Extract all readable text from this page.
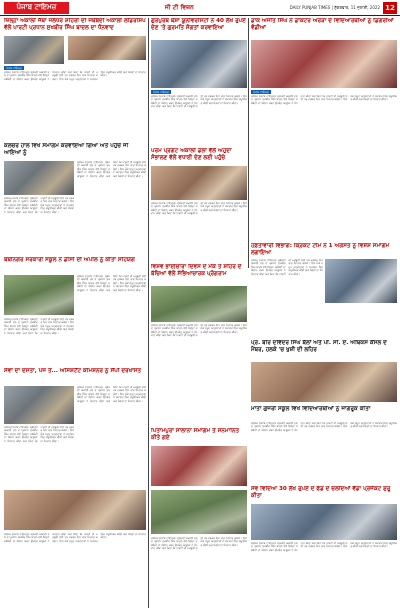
ਪੰਜਾਬ ਟਾਇਮਜ਼	ਜੀ ਟੀ ਵਿਜ਼ਨ	DAILY PUNJAB TIMES | ਸ਼ੁੱਕਰਵਾਰ, 11 ਜੁਲਾਈ, 2022 12
ਜ਼ਿਲ੍ਹਾ ਅਕਾਲੀ ਜੱਥਾ ਜਲੰਧਰ ਸ਼ਹਿਰੀ ਦੀ ਜਥੇਬੰਦੀ ਅਕਾਲੀ ਲੀਡਰਸ਼ਿਪ ਵੱਲੋਂ ਪਾਰਟੀ ਪ੍ਰਧਾਨ ਸੁਖਬੀਰ ਸਿੰਘ ਬਾਦਲ ਦਾ ਧੰਨਵਾਦ
ਪੰਜਾਬ ਟਾਇਮਜ਼
ਜਲੰਧਰ (ਪੰਜਾਬ ਟਾਇਮਜ਼): ਸ਼੍ਰੋਮਣੀ ਅਕਾਲੀ ਦਲ ਦੇ ਪ੍ਰਧਾਨ ਸੁਖਬੀਰ ਸਿੰਘ ਬਾਦਲ ਵੱਲੋਂ ਜ਼ਿਲ੍ਹਾ ਜਥੇਬੰਦੀ ਦਾ ਐਲਾਨ ਕਰਨ ਉਪਰੰਤ ਆਗੂਆਂ ਨੇ ਧੰਨਵਾਦ ਕੀਤਾ ਅਤੇ ਕਿਹਾ ਕਿ ਪਾਰਟੀ ਦੀ ਮਜ਼ਬੂਤੀ ਲਈ ਹਰ ਵਰਕਰ ਦਿਨ ਰਾਤ ਮਿਹਨਤ ਕਰੇਗਾ। ਇਸ ਮੌਕੇ ਸਮੂਹ ਅਹੁਦੇਦਾਰਾਂ ਨੇ ਸਮਾਗਮ ਵਿੱਚ ਸ਼ਮੂਲੀਅਤ ਕੀਤੀ ਅਤੇ ਸੰਗਤਾਂ ਦਾ ਧੰਨਵਾਦ ਕੀਤਾ।
ਗੁਰਪੁਰਬ ਬੇਸ਼ਾ ਯੂਨੀਵਰਸਿਟੀ ਨੇ 40 ਲੱਖ ਰੁਪਏ ਦੇਣ 'ਤੇ ਗੁਰਮਤਿ ਸੰਗਤਾਂ ਕਰਵਾਇਆ
ਪੰਜਾਬ ਟਾਇਮਜ਼
ਜਲੰਧਰ (ਪੰਜਾਬ ਟਾਇਮਜ਼): ਸ਼੍ਰੋਮਣੀ ਅਕਾਲੀ ਦਲ ਦੇ ਪ੍ਰਧਾਨ ਸੁਖਬੀਰ ਸਿੰਘ ਬਾਦਲ ਵੱਲੋਂ ਜ਼ਿਲ੍ਹਾ ਜਥੇਬੰਦੀ ਦਾ ਐਲਾਨ ਕਰਨ ਉਪਰੰਤ ਆਗੂਆਂ ਨੇ ਧੰਨਵਾਦ ਕੀਤਾ ਅਤੇ ਕਿਹਾ ਕਿ ਪਾਰਟੀ ਦੀ ਮਜ਼ਬੂਤੀ ਲਈ ਹਰ ਵਰਕਰ ਦਿਨ ਰਾਤ ਮਿਹਨਤ ਕਰੇਗਾ। ਇਸ ਮੌਕੇ ਸਮੂਹ ਅਹੁਦੇਦਾਰਾਂ ਨੇ ਸਮਾਗਮ ਵਿੱਚ ਸ਼ਮੂਲੀਅਤ ਕੀਤੀ ਅਤੇ ਸੰਗਤਾਂ ਦਾ ਧੰਨਵਾਦ ਕੀਤਾ।
ਡਾਕ ਅਜੀਤ ਸਿੰਘ ਨੇ ਡਾਕਟਰ ਅਰੋੜਾ ਦੇ ਵਿਦਿਆਰਥੀਆਂ ਨੂੰ ਡਿਗਰੀਆਂ ਵੰਡੀਆਂ
ਪੰਜਾਬ ਟਾਇਮਜ਼
ਜਲੰਧਰ (ਪੰਜਾਬ ਟਾਇਮਜ਼): ਸ਼੍ਰੋਮਣੀ ਅਕਾਲੀ ਦਲ ਦੇ ਪ੍ਰਧਾਨ ਸੁਖਬੀਰ ਸਿੰਘ ਬਾਦਲ ਵੱਲੋਂ ਜ਼ਿਲ੍ਹਾ ਜਥੇਬੰਦੀ ਦਾ ਐਲਾਨ ਕਰਨ ਉਪਰੰਤ ਆਗੂਆਂ ਨੇ ਧੰਨਵਾਦ ਕੀਤਾ ਅਤੇ ਕਿਹਾ ਕਿ ਪਾਰਟੀ ਦੀ ਮਜ਼ਬੂਤੀ ਲਈ ਹਰ ਵਰਕਰ ਦਿਨ ਰਾਤ ਮਿਹਨਤ ਕਰੇਗਾ। ਇਸ ਮੌਕੇ ਸਮੂਹ ਅਹੁਦੇਦਾਰਾਂ ਨੇ ਸਮਾਗਮ ਵਿੱਚ ਸ਼ਮੂਲੀਅਤ ਕੀਤੀ ਅਤੇ ਸੰਗਤਾਂ ਦਾ ਧੰਨਵਾਦ ਕੀਤਾ।
ਪਰਮ ਪ੍ਰਗਟ ਅਕਾਲੀ ਡਲਾ ਵੱਲੋਂ ਅਹੁਦਾ ਸੰਭਾਲਣ ਵੱਲੋਂ ਵਧਾਈ ਦੇਣ ਲਈ ਪਹੁੰਚੇ
ਜਲੰਧਰ (ਪੰਜਾਬ ਟਾਇਮਜ਼): ਸ਼੍ਰੋਮਣੀ ਅਕਾਲੀ ਦਲ ਦੇ ਪ੍ਰਧਾਨ ਸੁਖਬੀਰ ਸਿੰਘ ਬਾਦਲ ਵੱਲੋਂ ਜ਼ਿਲ੍ਹਾ ਜਥੇਬੰਦੀ ਦਾ ਐਲਾਨ ਕਰਨ ਉਪਰੰਤ ਆਗੂਆਂ ਨੇ ਧੰਨਵਾਦ ਕੀਤਾ ਅਤੇ ਕਿਹਾ ਕਿ ਪਾਰਟੀ ਦੀ ਮਜ਼ਬੂਤੀ ਲਈ ਹਰ ਵਰਕਰ ਦਿਨ ਰਾਤ ਮਿਹਨਤ ਕਰੇਗਾ। ਇਸ ਮੌਕੇ ਸਮੂਹ ਅਹੁਦੇਦਾਰਾਂ ਨੇ ਸਮਾਗਮ ਵਿੱਚ ਸ਼ਮੂਲੀਅਤ ਕੀਤੀ ਅਤੇ ਸੰਗਤਾਂ ਦਾ ਧੰਨਵਾਦ ਕੀਤਾ।
ਕਲਚਰ ਹਾਲ ਵਿਖੇ ਸਮਾਗਮ ਕਰਵਾਇਆ ਗਿਆ ਅਤੇ ਪਹੁੰਚੇ ਜੀ ਆਇਆਂ ਨੂੰ
ਜਲੰਧਰ (ਪੰਜਾਬ ਟਾਇਮਜ਼): ਸ਼੍ਰੋਮਣੀ ਅਕਾਲੀ ਦਲ ਦੇ ਪ੍ਰਧਾਨ ਸੁਖਬੀਰ ਸਿੰਘ ਬਾਦਲ ਵੱਲੋਂ ਜ਼ਿਲ੍ਹਾ ਜਥੇਬੰਦੀ ਦਾ ਐਲਾਨ ਕਰਨ ਉਪਰੰਤ ਆਗੂਆਂ ਨੇ ਧੰਨਵਾਦ ਕੀਤਾ ਅਤੇ ਕਿਹਾ ਕਿ ਪਾਰਟੀ ਦੀ ਮਜ਼ਬੂਤੀ ਲਈ ਹਰ ਵਰਕਰ ਦਿਨ ਰਾਤ ਮਿਹਨਤ ਕਰੇਗਾ। ਇਸ ਮੌਕੇ ਸਮੂਹ ਅਹੁਦੇਦਾਰਾਂ ਨੇ ਸਮਾਗਮ ਵਿੱਚ ਸ਼ਮੂਲੀਅਤ ਕੀਤੀ ਅਤੇ ਸੰਗਤਾਂ ਦਾ ਧੰਨਵਾਦ ਕੀਤਾ।
ਜਲੰਧਰ (ਪੰਜਾਬ ਟਾਇਮਜ਼): ਸ਼੍ਰੋਮਣੀ ਅਕਾਲੀ ਦਲ ਦੇ ਪ੍ਰਧਾਨ ਸੁਖਬੀਰ ਸਿੰਘ ਬਾਦਲ ਵੱਲੋਂ ਜ਼ਿਲ੍ਹਾ ਜਥੇਬੰਦੀ ਦਾ ਐਲਾਨ ਕਰਨ ਉਪਰੰਤ ਆਗੂਆਂ ਨੇ ਧੰਨਵਾਦ ਕੀਤਾ ਅਤੇ ਕਿਹਾ ਕਿ ਪਾਰਟੀ ਦੀ ਮਜ਼ਬੂਤੀ ਲਈ ਹਰ ਵਰਕਰ ਦਿਨ ਰਾਤ ਮਿਹਨਤ ਕਰੇਗਾ। ਇਸ ਮੌਕੇ ਸਮੂਹ ਅਹੁਦੇਦਾਰਾਂ ਨੇ ਸਮਾਗਮ ਵਿੱਚ ਸ਼ਮੂਲੀਅਤ ਕੀਤੀ ਅਤੇ ਸੰਗਤਾਂ ਦਾ ਧੰਨਵਾਦ ਕੀਤਾ।
ਬੇਬੀਨਗਰ ਸਰਕਾਰੀ ਸਕੂਲ ਨੇ ਡੀਸੀ ਦੀ ਅਪੀਲ ਨੂੰ ਕੀਤਾ ਸਹਿਯੋਗ
ਜਲੰਧਰ (ਪੰਜਾਬ ਟਾਇਮਜ਼): ਸ਼੍ਰੋਮਣੀ ਅਕਾਲੀ ਦਲ ਦੇ ਪ੍ਰਧਾਨ ਸੁਖਬੀਰ ਸਿੰਘ ਬਾਦਲ ਵੱਲੋਂ ਜ਼ਿਲ੍ਹਾ ਜਥੇਬੰਦੀ ਦਾ ਐਲਾਨ ਕਰਨ ਉਪਰੰਤ ਆਗੂਆਂ ਨੇ ਧੰਨਵਾਦ ਕੀਤਾ ਅਤੇ ਕਿਹਾ ਕਿ ਪਾਰਟੀ ਦੀ ਮਜ਼ਬੂਤੀ ਲਈ ਹਰ ਵਰਕਰ ਦਿਨ ਰਾਤ ਮਿਹਨਤ ਕਰੇਗਾ। ਇਸ ਮੌਕੇ ਸਮੂਹ ਅਹੁਦੇਦਾਰਾਂ ਨੇ ਸਮਾਗਮ ਵਿੱਚ ਸ਼ਮੂਲੀਅਤ ਕੀਤੀ ਅਤੇ ਸੰਗਤਾਂ ਦਾ ਧੰਨਵਾਦ ਕੀਤਾ।
ਜਲੰਧਰ (ਪੰਜਾਬ ਟਾਇਮਜ਼): ਸ਼੍ਰੋਮਣੀ ਅਕਾਲੀ ਦਲ ਦੇ ਪ੍ਰਧਾਨ ਸੁਖਬੀਰ ਸਿੰਘ ਬਾਦਲ ਵੱਲੋਂ ਜ਼ਿਲ੍ਹਾ ਜਥੇਬੰਦੀ ਦਾ ਐਲਾਨ ਕਰਨ ਉਪਰੰਤ ਆਗੂਆਂ ਨੇ ਧੰਨਵਾਦ ਕੀਤਾ ਅਤੇ ਕਿਹਾ ਕਿ ਪਾਰਟੀ ਦੀ ਮਜ਼ਬੂਤੀ ਲਈ ਹਰ ਵਰਕਰ ਦਿਨ ਰਾਤ ਮਿਹਨਤ ਕਰੇਗਾ। ਇਸ ਮੌਕੇ ਸਮੂਹ ਅਹੁਦੇਦਾਰਾਂ ਨੇ ਸਮਾਗਮ ਵਿੱਚ ਸ਼ਮੂਲੀਅਤ ਕੀਤੀ ਅਤੇ ਸੰਗਤਾਂ ਦਾ ਧੰਨਵਾਦ ਕੀਤਾ।
ਹਫ਼ਤਾਵਾਰੀ ਵਿਭਾਗ: ਕ੍ਰਿਕਟ ਟੀਮ ਨੇ 1 ਅਗਸਤ ਨੂੰ ਵਿਸ਼ੇਸ਼ ਸਮਾਗਮ ਲਗਾਇਆ
ਜਲੰਧਰ (ਪੰਜਾਬ ਟਾਇਮਜ਼): ਸ਼੍ਰੋਮਣੀ ਅਕਾਲੀ ਦਲ ਦੇ ਪ੍ਰਧਾਨ ਸੁਖਬੀਰ ਸਿੰਘ ਬਾਦਲ ਵੱਲੋਂ ਜ਼ਿਲ੍ਹਾ ਜਥੇਬੰਦੀ ਦਾ ਐਲਾਨ ਕਰਨ ਉਪਰੰਤ ਆਗੂਆਂ ਨੇ ਧੰਨਵਾਦ ਕੀਤਾ ਅਤੇ ਕਿਹਾ ਕਿ ਪਾਰਟੀ ਦੀ ਮਜ਼ਬੂਤੀ ਲਈ ਹਰ ਵਰਕਰ ਦਿਨ ਰਾਤ ਮਿਹਨਤ ਕਰੇਗਾ। ਇਸ ਮੌਕੇ ਸਮੂਹ ਅਹੁਦੇਦਾਰਾਂ ਨੇ ਸਮਾਗਮ ਵਿੱਚ ਸ਼ਮੂਲੀਅਤ ਕੀਤੀ ਅਤੇ ਸੰਗਤਾਂ ਦਾ ਧੰਨਵਾਦ ਕੀਤਾ।
ਪ੍ਰੋ. ਬੀਰ ਦਵਿੰਦਰ ਸਿੰਘ ਬੱਲਾਂ ਅਤੇ ਪੀ. ਸੀ. ਏ. ਐਥਿਕਸ ਕੌਂਸਲ ਦੇ ਮੈਂਬਰ, ਹਲਕੇ 'ਚ ਖੁਸ਼ੀ ਦੀ ਲਹਿਰ
ਵਿਸ਼ਵ ਭਾਈਚਾਰਾ ਦਿਵਸ ਦੇ ਮੌਕੇ ਤੇ ਸ਼ਹਿਰ ਦੇ ਬੱਚਿਆਂ ਵੱਲੋਂ ਸੱਭਿਆਚਾਰਕ ਪ੍ਰੋਗਰਾਮ
ਜਲੰਧਰ (ਪੰਜਾਬ ਟਾਇਮਜ਼): ਸ਼੍ਰੋਮਣੀ ਅਕਾਲੀ ਦਲ ਦੇ ਪ੍ਰਧਾਨ ਸੁਖਬੀਰ ਸਿੰਘ ਬਾਦਲ ਵੱਲੋਂ ਜ਼ਿਲ੍ਹਾ ਜਥੇਬੰਦੀ ਦਾ ਐਲਾਨ ਕਰਨ ਉਪਰੰਤ ਆਗੂਆਂ ਨੇ ਧੰਨਵਾਦ ਕੀਤਾ ਅਤੇ ਕਿਹਾ ਕਿ ਪਾਰਟੀ ਦੀ ਮਜ਼ਬੂਤੀ ਲਈ ਹਰ ਵਰਕਰ ਦਿਨ ਰਾਤ ਮਿਹਨਤ ਕਰੇਗਾ। ਇਸ ਮੌਕੇ ਸਮੂਹ ਅਹੁਦੇਦਾਰਾਂ ਨੇ ਸਮਾਗਮ ਵਿੱਚ ਸ਼ਮੂਲੀਅਤ ਕੀਤੀ ਅਤੇ ਸੰਗਤਾਂ ਦਾ ਧੰਨਵਾਦ ਕੀਤਾ।
ਸੇਵਾ ਦਾ ਦਸਤਾ, ਪੰਜ ਤੋਂ... ਅਸਿਸ਼ਟੈਂਟ ਕਮਿਸ਼ਨਰ ਨੂੰ ਸੌਂਪੀ ਦਰਖਾਸਤ
ਜਲੰਧਰ (ਪੰਜਾਬ ਟਾਇਮਜ਼): ਸ਼੍ਰੋਮਣੀ ਅਕਾਲੀ ਦਲ ਦੇ ਪ੍ਰਧਾਨ ਸੁਖਬੀਰ ਸਿੰਘ ਬਾਦਲ ਵੱਲੋਂ ਜ਼ਿਲ੍ਹਾ ਜਥੇਬੰਦੀ ਦਾ ਐਲਾਨ ਕਰਨ ਉਪਰੰਤ ਆਗੂਆਂ ਨੇ ਧੰਨਵਾਦ ਕੀਤਾ ਅਤੇ ਕਿਹਾ ਕਿ ਪਾਰਟੀ ਦੀ ਮਜ਼ਬੂਤੀ ਲਈ ਹਰ ਵਰਕਰ ਦਿਨ ਰਾਤ ਮਿਹਨਤ ਕਰੇਗਾ। ਇਸ ਮੌਕੇ ਸਮੂਹ ਅਹੁਦੇਦਾਰਾਂ ਨੇ ਸਮਾਗਮ ਵਿੱਚ ਸ਼ਮੂਲੀਅਤ ਕੀਤੀ ਅਤੇ ਸੰਗਤਾਂ ਦਾ ਧੰਨਵਾਦ ਕੀਤਾ।
ਜਲੰਧਰ (ਪੰਜਾਬ ਟਾਇਮਜ਼): ਸ਼੍ਰੋਮਣੀ ਅਕਾਲੀ ਦਲ ਦੇ ਪ੍ਰਧਾਨ ਸੁਖਬੀਰ ਸਿੰਘ ਬਾਦਲ ਵੱਲੋਂ ਜ਼ਿਲ੍ਹਾ ਜਥੇਬੰਦੀ ਦਾ ਐਲਾਨ ਕਰਨ ਉਪਰੰਤ ਆਗੂਆਂ ਨੇ ਧੰਨਵਾਦ ਕੀਤਾ ਅਤੇ ਕਿਹਾ ਕਿ ਪਾਰਟੀ ਦੀ ਮਜ਼ਬੂਤੀ ਲਈ ਹਰ ਵਰਕਰ ਦਿਨ ਰਾਤ ਮਿਹਨਤ ਕਰੇਗਾ। ਇਸ ਮੌਕੇ ਸਮੂਹ ਅਹੁਦੇਦਾਰਾਂ ਨੇ ਸਮਾਗਮ ਵਿੱਚ ਸ਼ਮੂਲੀਅਤ ਕੀਤੀ ਅਤੇ ਸੰਗਤਾਂ ਦਾ ਧੰਨਵਾਦ ਕੀਤਾ।
ਮਾਤਾ ਗੁਜਰੀ ਸਕੂਲ ਵਿਖੇ ਵਿਦਿਆਰਥੀਆਂ ਨੂੰ ਜਾਗਰੂਕ ਕੀਤਾ
ਜਲੰਧਰ (ਪੰਜਾਬ ਟਾਇਮਜ਼): ਸ਼੍ਰੋਮਣੀ ਅਕਾਲੀ ਦਲ ਦੇ ਪ੍ਰਧਾਨ ਸੁਖਬੀਰ ਸਿੰਘ ਬਾਦਲ ਵੱਲੋਂ ਜ਼ਿਲ੍ਹਾ ਜਥੇਬੰਦੀ ਦਾ ਐਲਾਨ ਕਰਨ ਉਪਰੰਤ ਆਗੂਆਂ ਨੇ ਧੰਨਵਾਦ ਕੀਤਾ ਅਤੇ ਕਿਹਾ ਕਿ ਪਾਰਟੀ ਦੀ ਮਜ਼ਬੂਤੀ ਲਈ ਹਰ ਵਰਕਰ ਦਿਨ ਰਾਤ ਮਿਹਨਤ ਕਰੇਗਾ। ਇਸ ਮੌਕੇ ਸਮੂਹ ਅਹੁਦੇਦਾਰਾਂ ਨੇ ਸਮਾਗਮ ਵਿੱਚ ਸ਼ਮੂਲੀਅਤ ਕੀਤੀ ਅਤੇ ਸੰਗਤਾਂ ਦਾ ਧੰਨਵਾਦ ਕੀਤਾ।
ਪਿਤਾਮਪੁਰਾ ਸਾਲਾਨਾ ਸਮਾਗਮ ਤੇ ਸਨਮਾਨਿਤ ਕੀਤੇ ਗਏ
ਸੇਵ ਵਿਦਿਆ 30 ਲੱਖ ਰੁਪਏ ਦੇ ਫੰਡ ਦੇ ਚਲਦਿਆਂ ਵੱਡਾ ਪ੍ਰੋਜੈਕਟ ਸ਼ੁਰੂ ਕੀਤਾ
ਜਲੰਧਰ (ਪੰਜਾਬ ਟਾਇਮਜ਼): ਸ਼੍ਰੋਮਣੀ ਅਕਾਲੀ ਦਲ ਦੇ ਪ੍ਰਧਾਨ ਸੁਖਬੀਰ ਸਿੰਘ ਬਾਦਲ ਵੱਲੋਂ ਜ਼ਿਲ੍ਹਾ ਜਥੇਬੰਦੀ ਦਾ ਐਲਾਨ ਕਰਨ ਉਪਰੰਤ ਆਗੂਆਂ ਨੇ ਧੰਨਵਾਦ ਕੀਤਾ ਅਤੇ ਕਿਹਾ ਕਿ ਪਾਰਟੀ ਦੀ ਮਜ਼ਬੂਤੀ ਲਈ ਹਰ ਵਰਕਰ ਦਿਨ ਰਾਤ ਮਿਹਨਤ ਕਰੇਗਾ। ਇਸ ਮੌਕੇ ਸਮੂਹ ਅਹੁਦੇਦਾਰਾਂ ਨੇ ਸਮਾਗਮ ਵਿੱਚ ਸ਼ਮੂਲੀਅਤ ਕੀਤੀ ਅਤੇ ਸੰਗਤਾਂ ਦਾ ਧੰਨਵਾਦ ਕੀਤਾ।
ਜਲੰਧਰ (ਪੰਜਾਬ ਟਾਇਮਜ਼): ਸ਼੍ਰੋਮਣੀ ਅਕਾਲੀ ਦਲ ਦੇ ਪ੍ਰਧਾਨ ਸੁਖਬੀਰ ਸਿੰਘ ਬਾਦਲ ਵੱਲੋਂ ਜ਼ਿਲ੍ਹਾ ਜਥੇਬੰਦੀ ਦਾ ਐਲਾਨ ਕਰਨ ਉਪਰੰਤ ਆਗੂਆਂ ਨੇ ਧੰਨਵਾਦ ਕੀਤਾ ਅਤੇ ਕਿਹਾ ਕਿ ਪਾਰਟੀ ਦੀ ਮਜ਼ਬੂਤੀ ਲਈ ਹਰ ਵਰਕਰ ਦਿਨ ਰਾਤ ਮਿਹਨਤ ਕਰੇਗਾ। ਇਸ ਮੌਕੇ ਸਮੂਹ ਅਹੁਦੇਦਾਰਾਂ ਨੇ ਸਮਾਗਮ ਵਿੱਚ ਸ਼ਮੂਲੀਅਤ ਕੀਤੀ ਅਤੇ ਸੰਗਤਾਂ ਦਾ ਧੰਨਵਾਦ ਕੀਤਾ।	ਜਲੰਧਰ (ਪੰਜਾਬ ਟਾਇਮਜ਼): ਸ਼੍ਰੋਮਣੀ ਅਕਾਲੀ ਦਲ ਦੇ ਪ੍ਰਧਾਨ ਸੁਖਬੀਰ ਸਿੰਘ ਬਾਦਲ ਵੱਲੋਂ ਜ਼ਿਲ੍ਹਾ ਜਥੇਬੰਦੀ ਦਾ ਐਲਾਨ ਕਰਨ ਉਪਰੰਤ ਆਗੂਆਂ ਨੇ ਧੰਨਵਾਦ ਕੀਤਾ ਅਤੇ ਕਿਹਾ ਕਿ ਪਾਰਟੀ ਦੀ ਮਜ਼ਬੂਤੀ ਲਈ ਹਰ ਵਰਕਰ ਦਿਨ ਰਾਤ ਮਿਹਨਤ ਕਰੇਗਾ। ਇਸ ਮੌਕੇ ਸਮੂਹ ਅਹੁਦੇਦਾਰਾਂ ਨੇ ਸਮਾਗਮ ਵਿੱਚ ਸ਼ਮੂਲੀਅਤ ਕੀਤੀ ਅਤੇ ਸੰਗਤਾਂ ਦਾ ਧੰਨਵਾਦ ਕੀਤਾ।
